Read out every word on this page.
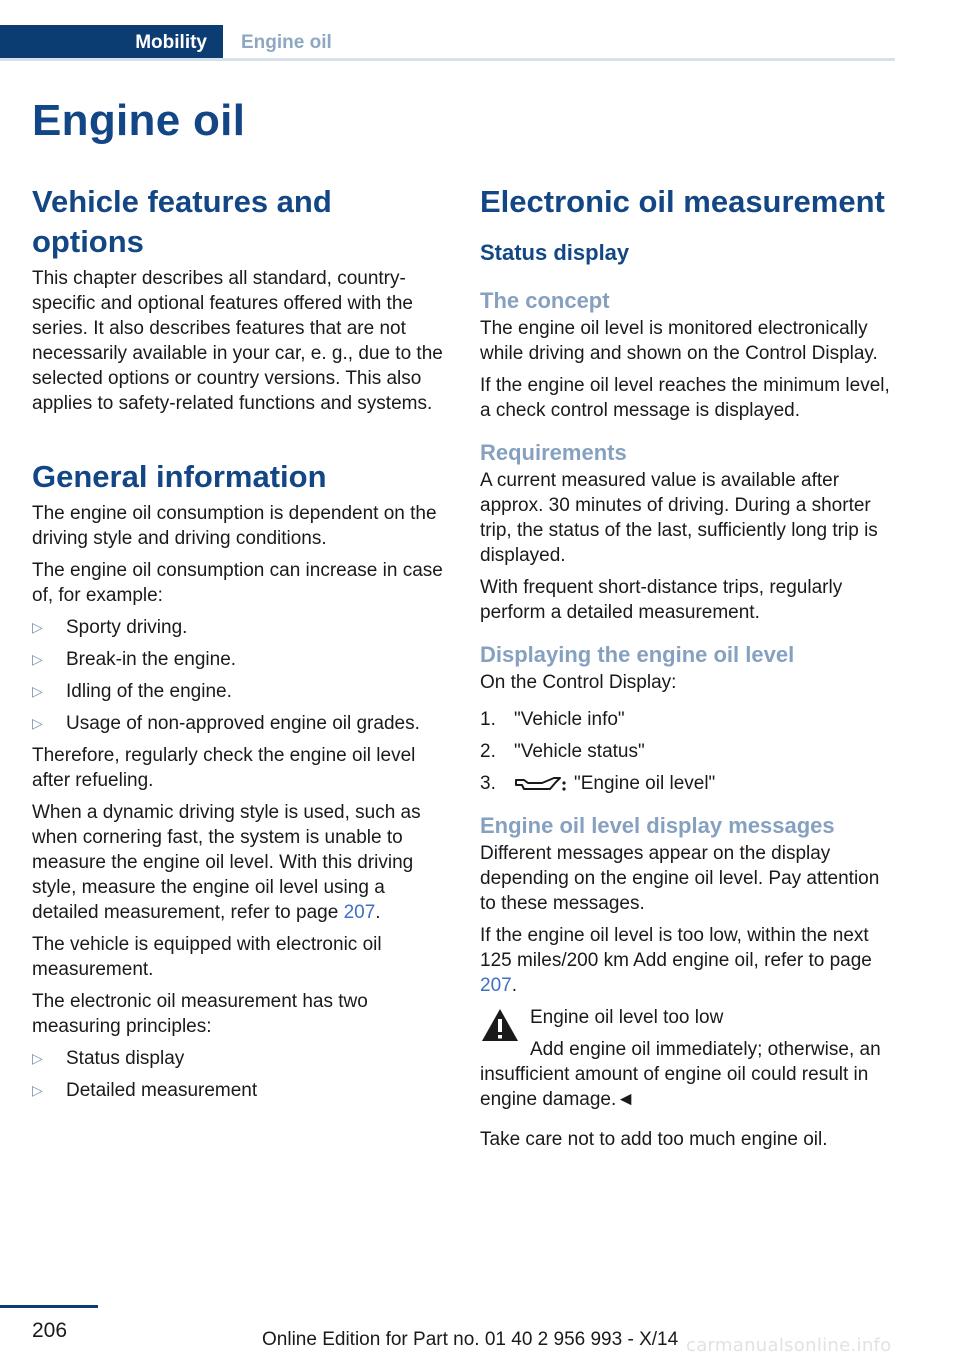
Mobility	Engine oil
Engine oil
Vehicle features and options

This chapter describes all standard, country-specific and optional features offered with the series. It also describes features that are not necessarily available in your car, e. g., due to the selected options or country versions. This also applies to safety-related functions and systems.

General information

The engine oil consumption is dependent on the driving style and driving conditions.

The engine oil consumption can increase in case of, for example:

▷ Sporty driving.
▷ Break-in the engine.
▷ Idling of the engine.
▷ Usage of non-approved engine oil grades.

Therefore, regularly check the engine oil level after refueling.

When a dynamic driving style is used, such as when cornering fast, the system is unable to measure the engine oil level. With this driving style, measure the engine oil level using a detailed measurement, refer to page 207.

The vehicle is equipped with electronic oil measurement.

The electronic oil measurement has two measuring principles:

▷ Status display
▷ Detailed measurement
Electronic oil measurement
Status display
The concept

The engine oil level is monitored electronically while driving and shown on the Control Display.

If the engine oil level reaches the minimum level, a check control message is displayed.

Requirements

A current measured value is available after approx. 30 minutes of driving. During a shorter trip, the status of the last, sufficiently long trip is displayed.

With frequent short-distance trips, regularly perform a detailed measurement.

Displaying the engine oil level

On the Control Display:

1. "Vehicle info"
2. "Vehicle status"
3.	"Engine oil level"
Engine oil level display messages

Different messages appear on the display depending on the engine oil level. Pay attention to these messages.

If the engine oil level is too low, within the next 125 miles/200 km Add engine oil, refer to page 207.

Engine oil level too low

Add engine oil immediately; otherwise, an insufficient amount of engine oil could result in engine damage.◄

Take care not to add too much engine oil.

206	Online Edition for Part no. 01 40 2 956 993 - X/14 carmanualsonline.info
